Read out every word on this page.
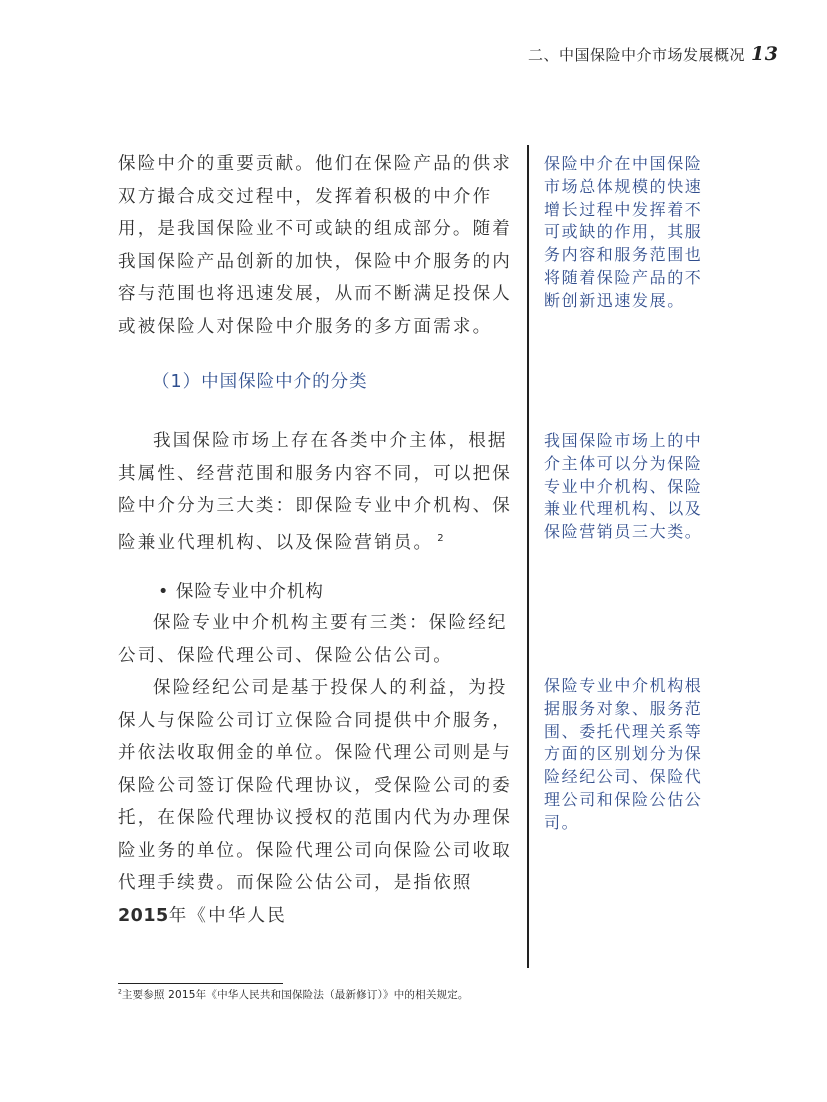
二、中国保险中介市场发展概况 13

保险中介的重要贡献。他们在保险产品的供求双方撮合成交过程中，发挥着积极的中介作用，是我国保险业不可或缺的组成部分。随着我国保险产品创新的加快，保险中介服务的内容与范围也将迅速发展，从而不断满足投保人或被保险人对保险中介服务的多方面需求。

（1）中国保险中介的分类

我国保险市场上存在各类中介主体，根据其属性、经营范围和服务内容不同，可以把保险中介分为三大类：即保险专业中介机构、保险兼业代理机构、以及保险营销员。 $^2$

• 保险专业中介机构

保险专业中介机构主要有三类：保险经纪公司、保险代理公司、保险公估公司。

保险经纪公司是基于投保人的利益，为投保人与保险公司订立保险合同提供中介服务，并依法收取佣金的单位。保险代理公司则是与保险公司签订保险代理协议，受保险公司的委托，在保险代理协议授权的范围内代为办理保险业务的单位。保险代理公司向保险公司收取代理手续费。而保险公估公司，是指依照2015年《中华人民

保险中介在中国保险市场总体规模的快速增长过程中发挥着不可或缺的作用，其服务内容和服务范围也将随着保险产品的不断创新迅速发展。
我国保险市场上的中介主体可以分为保险专业中介机构、保险兼业代理机构、以及保险营销员三大类。
保险专业中介机构根据服务对象、服务范围、委托代理关系等方面的区别划分为保险经纪公司、保险代理公司和保险公估公司。
$^2$主要参照 2015年《中华人民共和国保险法（最新修订）》中的相关规定。
